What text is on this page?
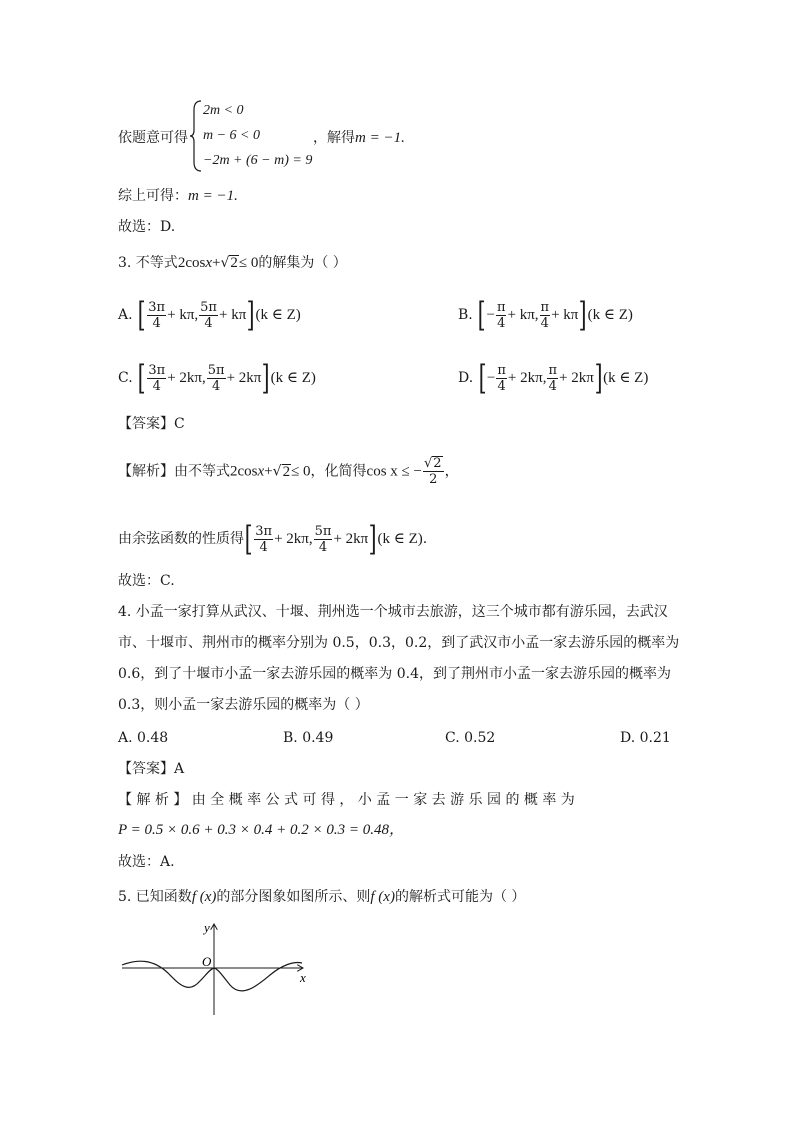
依题意可得
2m < 0
m − 6 < 0
−2m + (6 − m) = 9
，解得m = −1.
综上可得：m = −1.
故选：D.
3. 不等式2cosx+√2≤ 0的解集为（ ）
A. [ $\frac{3\pi}{4} + k\pi$, $\frac{5\pi}{4} + k\pi](k$ ∈ Z)	B. [− $\frac{\pi}{4} + k\pi$, $\frac{\pi}{4} + k\pi](k$ ∈ Z)
C. [ $\frac{3\pi}{4} + 2k\pi$, $\frac{5\pi}{4} + 2k\pi](k$ ∈ Z)	D. [− $\frac{\pi}{4} + 2k\pi$, $\frac{\pi}{4} + 2k\pi](k$ ∈ Z)
【答案】C
【解析】由不等式2cosx+√2≤ 0，化简得cos x ≤ − $\frac{√2}{2}$ ，
由余弦函数的性质得[ $\frac{3\pi}{4} + 2k\pi$, $\frac{5\pi}{4} + 2k\pi](k$ ∈ Z).
故选：C.
4. 小孟一家打算从武汉、十堰、荆州选一个城市去旅游，这三个城市都有游乐园，去武汉
市、十堰市、荆州市的概率分别为 0.5，0.3，0.2，到了武汉市小孟一家去游乐园的概率为
0.6，到了十堰市小孟一家去游乐园的概率为 0.4，到了荆州市小孟一家去游乐园的概率为
0.3，则小孟一家去游乐园的概率为（ ）
A. 0.48	B. 0.49	C. 0.52	D. 0.21
【答案】A
【 解 析 】 由 全 概 率 公 式 可 得 ， 小 孟 一 家 去 游 乐 园 的 概 率 为
P = 0.5 × 0.6 + 0.3 × 0.4 + 0.2 × 0.3 = 0.48，
故选：A.
5. 已知函数f (x)的部分图象如图所示、则f (x)的解析式可能为（ ）
y
x
O
